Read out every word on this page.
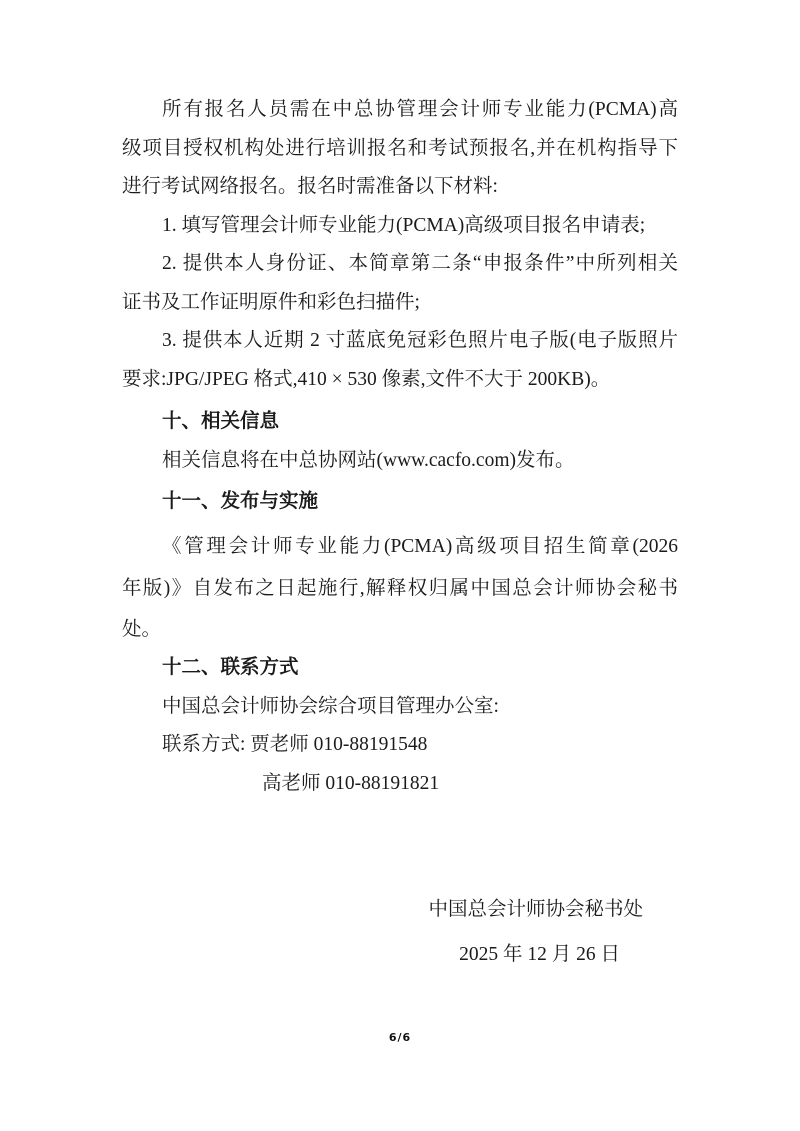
所有报名人员需在中总协管理会计师专业能力(PCMA)高
级项目授权机构处进行培训报名和考试预报名,并在机构指导下
进行考试网络报名。报名时需准备以下材料:
1. 填写管理会计师专业能力(PCMA)高级项目报名申请表;
2. 提供本人身份证、本简章第二条“申报条件”中所列相关
证书及工作证明原件和彩色扫描件;
3. 提供本人近期 2 寸蓝底免冠彩色照片电子版(电子版照片
要求:JPG/JPEG 格式,410 × 530 像素,文件不大于 200KB)。
十、相关信息
相关信息将在中总协网站(www.cacfo.com)发布。
十一、发布与实施
《管理会计师专业能力(PCMA)高级项目招生简章(2026
年版)》自发布之日起施行,解释权归属中国总会计师协会秘书
处。
十二、联系方式
中国总会计师协会综合项目管理办公室:
联系方式: 贾老师 010-88191548
高老师 010-88191821
中国总会计师协会秘书处
2025 年 12 月 26 日
6/6
